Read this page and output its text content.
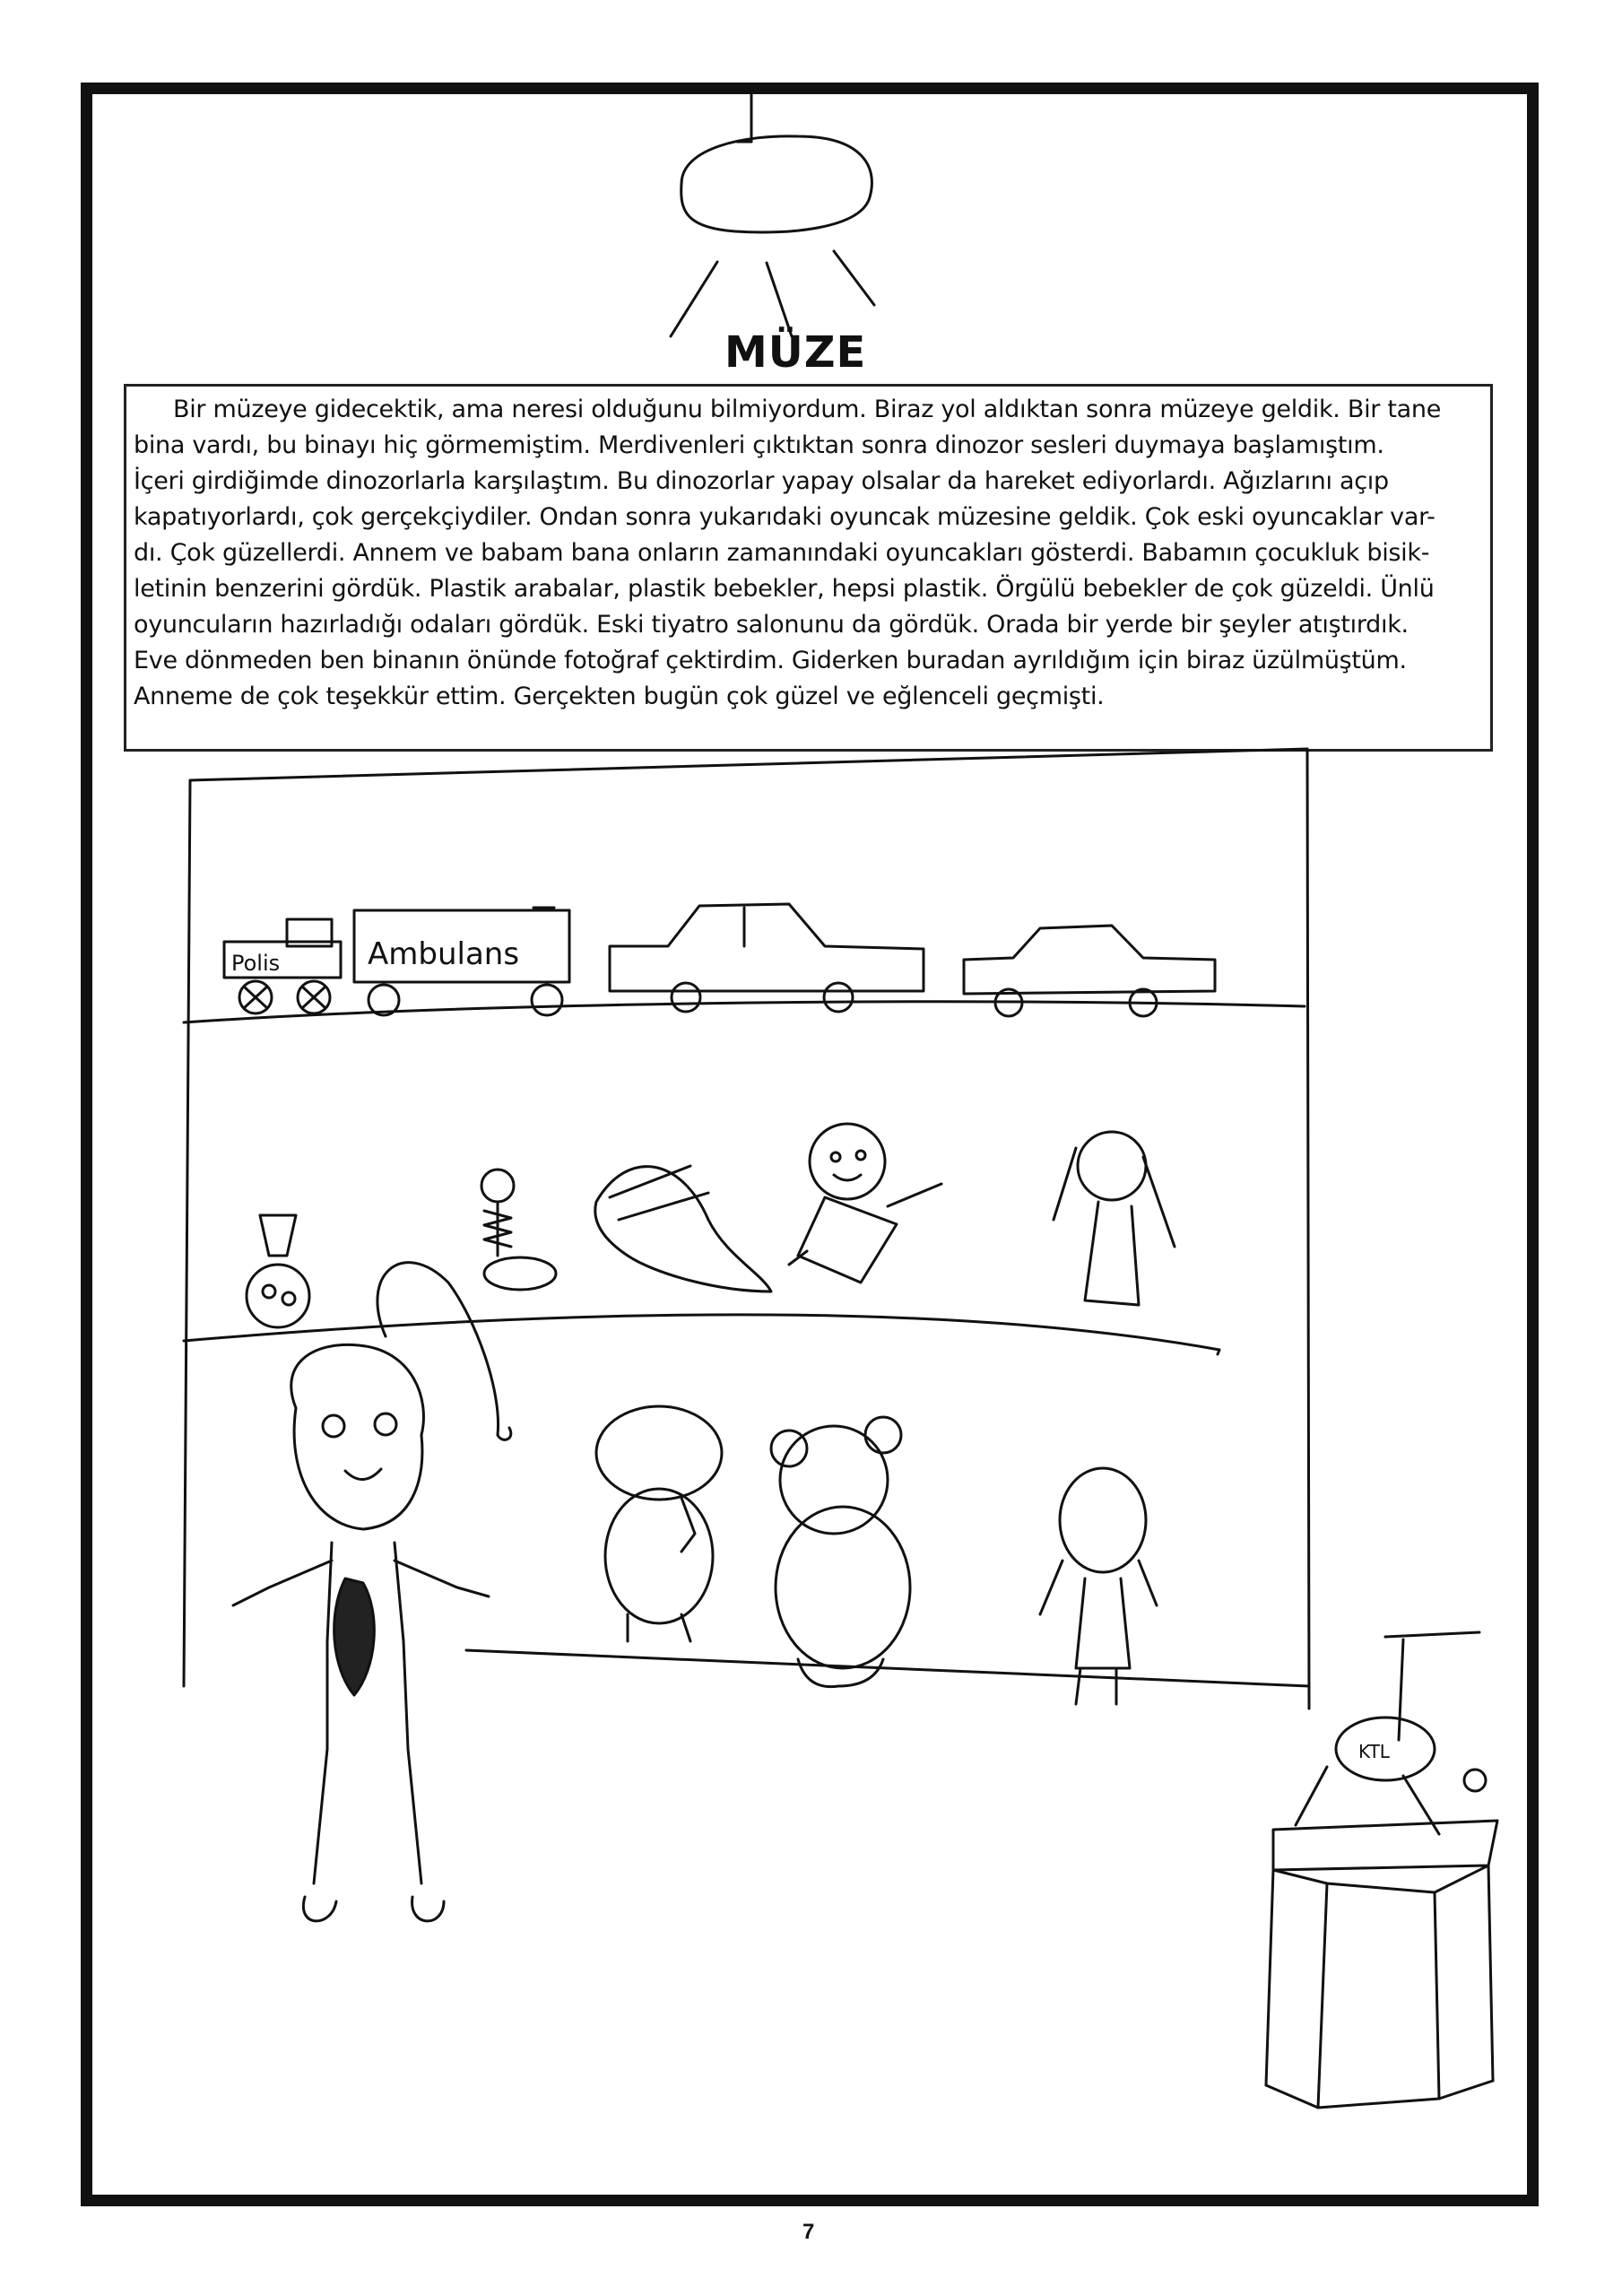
MÜZE
Bir müzeye gidecektik, ama neresi olduğunu bilmiyordum. Biraz yol aldıktan sonra müzeye geldik. Bir tane
bina vardı, bu binayı hiç görmemiştim. Merdivenleri çıktıktan sonra dinozor sesleri duymaya başlamıştım.
İçeri girdiğimde dinozorlarla karşılaştım. Bu dinozorlar yapay olsalar da hareket ediyorlardı. Ağızlarını açıp
kapatıyorlardı, çok gerçekçiydiler. Ondan sonra yukarıdaki oyuncak müzesine geldik. Çok eski oyuncaklar var-
dı. Çok güzellerdi. Annem ve babam bana onların zamanındaki oyuncakları gösterdi. Babamın çocukluk bisik-
letinin benzerini gördük. Plastik arabalar, plastik bebekler, hepsi plastik. Örgülü bebekler de çok güzeldi. Ünlü
oyuncuların hazırladığı odaları gördük. Eski tiyatro salonunu da gördük. Orada bir yerde bir şeyler atıştırdık.
Eve dönmeden ben binanın önünde fotoğraf çektirdim. Giderken buradan ayrıldığım için biraz üzülmüştüm.
Anneme de çok teşekkür ettim. Gerçekten bugün çok güzel ve eğlenceli geçmişti.
Polis	Ambulans
KTL
7
